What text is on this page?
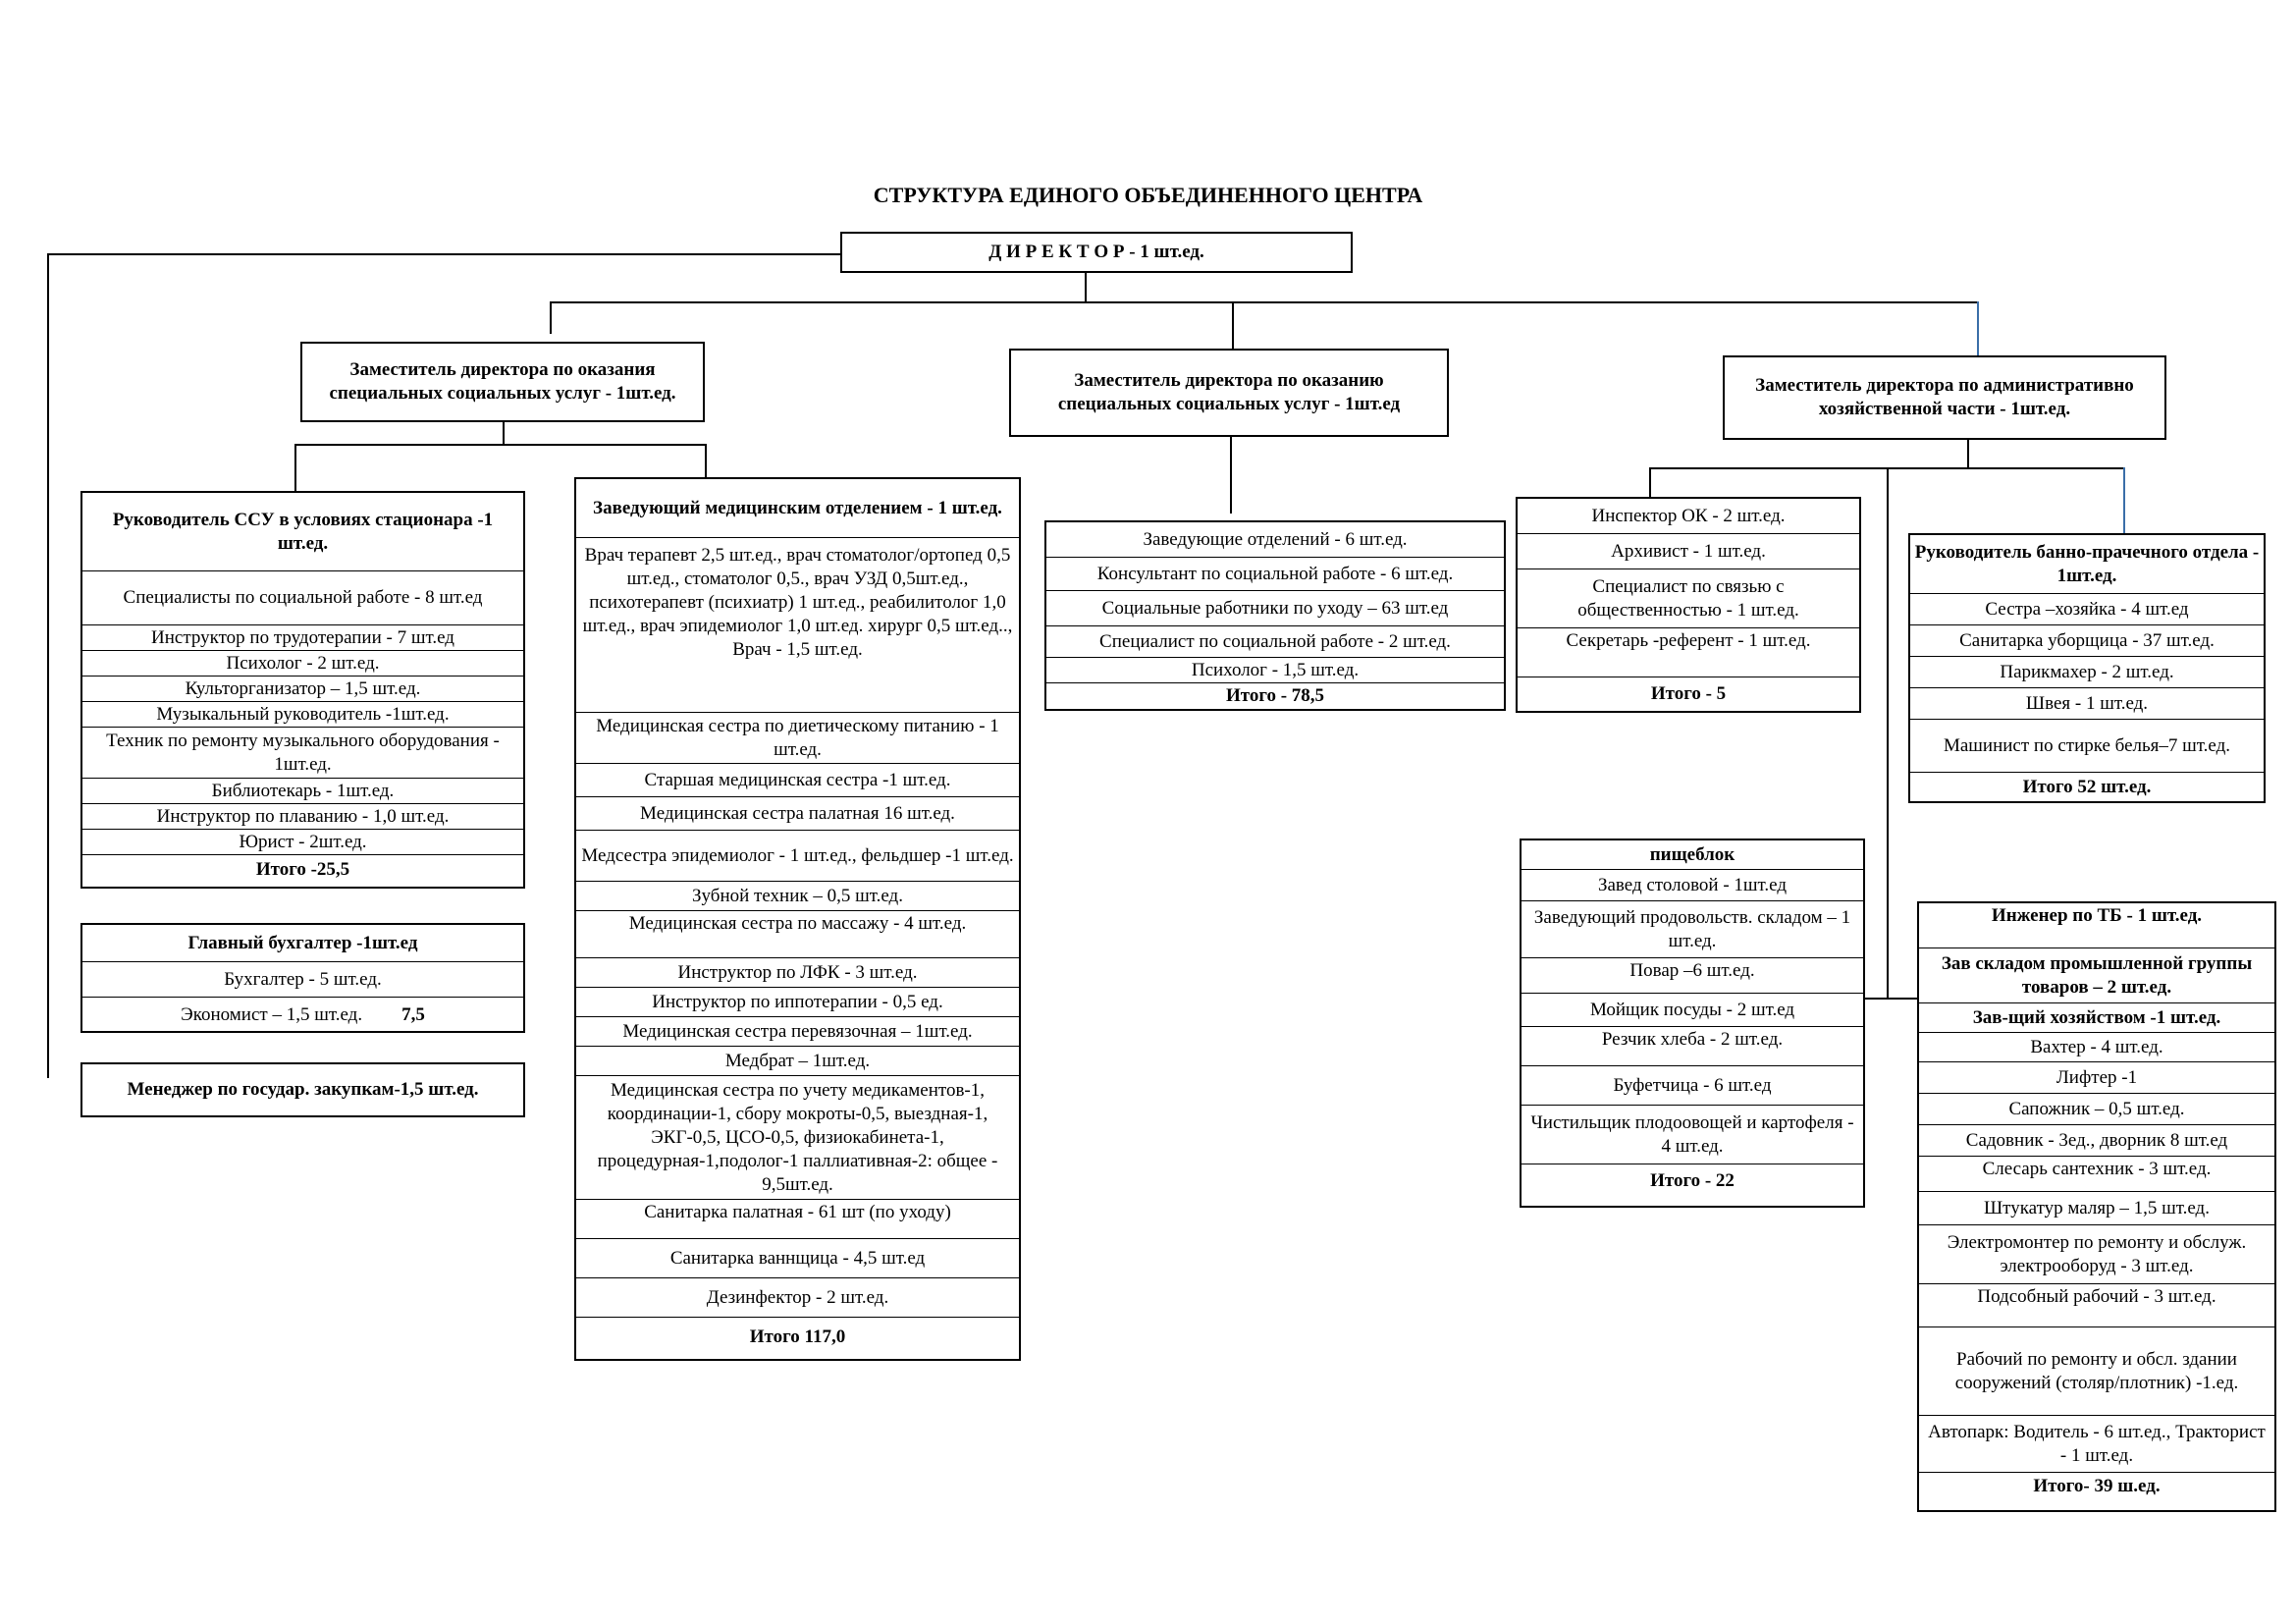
СТРУКТУРА ЕДИНОГО ОБЪЕДИНЕННОГО ЦЕНТРА
Д И Р Е К Т О Р - 1 шт.ед.
Заместитель директора по оказания специальных социальных услуг - 1шт.ед.
Заместитель директора по оказанию специальных социальных услуг - 1шт.ед
Заместитель директора по административно хозяйственной части - 1шт.ед.
Руководитель ССУ в условиях стационара -1 шт.ед.
Специалисты по социальной работе - 8 шт.ед
Инструктор по трудотерапии - 7 шт.ед
Психолог - 2 шт.ед.
Культорганизатор – 1,5 шт.ед.
Музыкальный руководитель -1шт.ед.
Техник по ремонту музыкального оборудования - 1шт.ед.
Библиотекарь - 1шт.ед.
Инструктор по плаванию - 1,0 шт.ед.
Юрист - 2шт.ед.
Итого -25,5
Главный бухгалтер -1шт.ед
Бухгалтер - 5 шт.ед.
Экономист – 1,5 шт.ед. 7,5
Менеджер по государ. закупкам-1,5 шт.ед.
Заведующий медицинским отделением - 1 шт.ед.
Врач терапевт 2,5 шт.ед., врач стоматолог/ортопед 0,5 шт.ед., стоматолог 0,5., врач УЗД 0,5шт.ед., психотерапевт (психиатр) 1 шт.ед., реабилитолог 1,0 шт.ед., врач эпидемиолог 1,0 шт.ед. хирург 0,5 шт.ед.., Врач - 1,5 шт.ед.
Медицинская сестра по диетическому питанию - 1 шт.ед.
Старшая медицинская сестра -1 шт.ед.
Медицинская сестра палатная 16 шт.ед.
Медсестра эпидемиолог - 1 шт.ед., фельдшер -1 шт.ед.
Зубной техник – 0,5 шт.ед.
Медицинская сестра по массажу - 4 шт.ед.
Инструктор по ЛФК - 3 шт.ед.
Инструктор по иппотерапии - 0,5 ед.
Медицинская сестра перевязочная – 1шт.ед.
Медбрат – 1шт.ед.
Медицинская сестра по учету медикаментов-1, координации-1, сбору мокроты-0,5, выездная-1, ЭКГ-0,5, ЦСО-0,5, физиокабинета-1, процедурная-1,подолог-1 паллиативная-2: общее - 9,5шт.ед.
Санитарка палатная - 61 шт (по уходу)
Санитарка ваннщица - 4,5 шт.ед
Дезинфектор - 2 шт.ед.
Итого 117,0
Заведующие отделений - 6 шт.ед.
Консультант по социальной работе - 6 шт.ед.
Социальные работники по уходу – 63 шт.ед
Специалист по социальной работе - 2 шт.ед.
Психолог - 1,5 шт.ед.
Итого - 78,5
Инспектор ОК - 2 шт.ед.
Архивист - 1 шт.ед.
Специалист по связью с общественностью - 1 шт.ед.
Секретарь -референт - 1 шт.ед.
Итого - 5
Руководитель банно-прачечного отдела - 1шт.ед.
Сестра –хозяйка - 4 шт.ед
Санитарка уборщица - 37 шт.ед.
Парикмахер - 2 шт.ед.
Швея - 1 шт.ед.
Машинист по стирке белья–7 шт.ед.
Итого 52 шт.ед.
пищеблок
Завед столовой - 1шт.ед
Заведующий продовольств. складом – 1 шт.ед.
Повар –6 шт.ед.
Мойщик посуды - 2 шт.ед
Резчик хлеба - 2 шт.ед.
Буфетчица - 6 шт.ед
Чистильщик плодоовощей и картофеля - 4 шт.ед.
Итого - 22
Инженер по ТБ - 1 шт.ед.
Зав складом промышленной группы товаров – 2 шт.ед.
Зав-щий хозяйством -1 шт.ед.
Вахтер - 4 шт.ед.
Лифтер -1
Сапожник – 0,5 шт.ед.
Садовник - 3ед., дворник 8 шт.ед
Слесарь сантехник - 3 шт.ед.
Штукатур маляр – 1,5 шт.ед.
Электромонтер по ремонту и обслуж. электрооборуд - 3 шт.ед.
Подсобный рабочий - 3 шт.ед.
Рабочий по ремонту и обсл. здании сооружений (столяр/плотник) -1.ед.
Автопарк: Водитель - 6 шт.ед., Тракторист - 1 шт.ед.
Итого- 39 ш.ед.
